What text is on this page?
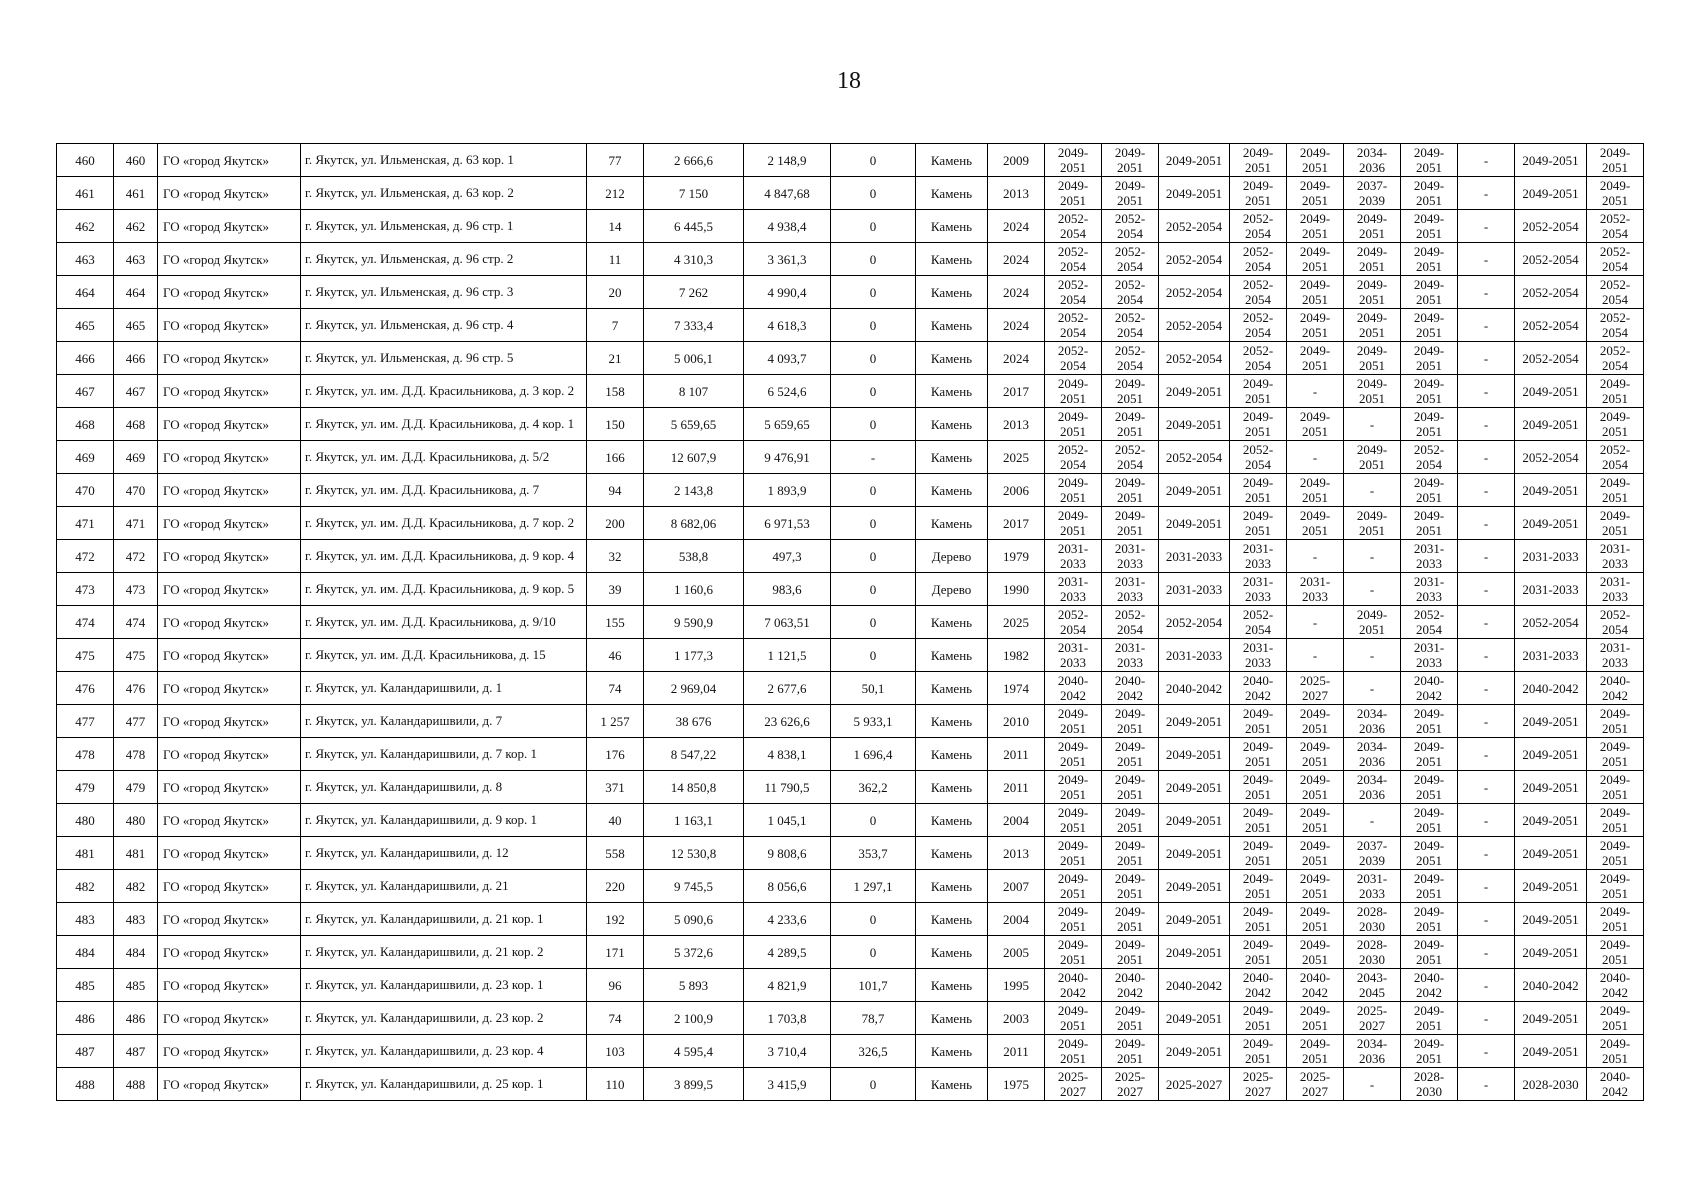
18
460	460	ГО «город Якутск»	г. Якутск, ул. Ильменская, д. 63 кор. 1	77	2 666,6	2 148,9	0	Камень	2009	2049-2051	2049-2051	2049-2051	2049-2051	2049-2051	2034-2036	2049-2051	-	2049-2051	2049-2051
461	461	ГО «город Якутск»	г. Якутск, ул. Ильменская, д. 63 кор. 2	212	7 150	4 847,68	0	Камень	2013	2049-2051	2049-2051	2049-2051	2049-2051	2049-2051	2037-2039	2049-2051	-	2049-2051	2049-2051
462	462	ГО «город Якутск»	г. Якутск, ул. Ильменская, д. 96 стр. 1	14	6 445,5	4 938,4	0	Камень	2024	2052-2054	2052-2054	2052-2054	2052-2054	2049-2051	2049-2051	2049-2051	-	2052-2054	2052-2054
463	463	ГО «город Якутск»	г. Якутск, ул. Ильменская, д. 96 стр. 2	11	4 310,3	3 361,3	0	Камень	2024	2052-2054	2052-2054	2052-2054	2052-2054	2049-2051	2049-2051	2049-2051	-	2052-2054	2052-2054
464	464	ГО «город Якутск»	г. Якутск, ул. Ильменская, д. 96 стр. 3	20	7 262	4 990,4	0	Камень	2024	2052-2054	2052-2054	2052-2054	2052-2054	2049-2051	2049-2051	2049-2051	-	2052-2054	2052-2054
465	465	ГО «город Якутск»	г. Якутск, ул. Ильменская, д. 96 стр. 4	7	7 333,4	4 618,3	0	Камень	2024	2052-2054	2052-2054	2052-2054	2052-2054	2049-2051	2049-2051	2049-2051	-	2052-2054	2052-2054
466	466	ГО «город Якутск»	г. Якутск, ул. Ильменская, д. 96 стр. 5	21	5 006,1	4 093,7	0	Камень	2024	2052-2054	2052-2054	2052-2054	2052-2054	2049-2051	2049-2051	2049-2051	-	2052-2054	2052-2054
467	467	ГО «город Якутск»	г. Якутск, ул. им. Д.Д. Красильникова, д. 3 кор. 2	158	8 107	6 524,6	0	Камень	2017	2049-2051	2049-2051	2049-2051	2049-2051	-	2049-2051	2049-2051	-	2049-2051	2049-2051
468	468	ГО «город Якутск»	г. Якутск, ул. им. Д.Д. Красильникова, д. 4 кор. 1	150	5 659,65	5 659,65	0	Камень	2013	2049-2051	2049-2051	2049-2051	2049-2051	2049-2051	-	2049-2051	-	2049-2051	2049-2051
469	469	ГО «город Якутск»	г. Якутск, ул. им. Д.Д. Красильникова, д. 5/2	166	12 607,9	9 476,91	-	Камень	2025	2052-2054	2052-2054	2052-2054	2052-2054	-	2049-2051	2052-2054	-	2052-2054	2052-2054
470	470	ГО «город Якутск»	г. Якутск, ул. им. Д.Д. Красильникова, д. 7	94	2 143,8	1 893,9	0	Камень	2006	2049-2051	2049-2051	2049-2051	2049-2051	2049-2051	-	2049-2051	-	2049-2051	2049-2051
471	471	ГО «город Якутск»	г. Якутск, ул. им. Д.Д. Красильникова, д. 7 кор. 2	200	8 682,06	6 971,53	0	Камень	2017	2049-2051	2049-2051	2049-2051	2049-2051	2049-2051	2049-2051	2049-2051	-	2049-2051	2049-2051
472	472	ГО «город Якутск»	г. Якутск, ул. им. Д.Д. Красильникова, д. 9 кор. 4	32	538,8	497,3	0	Дерево	1979	2031-2033	2031-2033	2031-2033	2031-2033	-	-	2031-2033	-	2031-2033	2031-2033
473	473	ГО «город Якутск»	г. Якутск, ул. им. Д.Д. Красильникова, д. 9 кор. 5	39	1 160,6	983,6	0	Дерево	1990	2031-2033	2031-2033	2031-2033	2031-2033	2031-2033	-	2031-2033	-	2031-2033	2031-2033
474	474	ГО «город Якутск»	г. Якутск, ул. им. Д.Д. Красильникова, д. 9/10	155	9 590,9	7 063,51	0	Камень	2025	2052-2054	2052-2054	2052-2054	2052-2054	-	2049-2051	2052-2054	-	2052-2054	2052-2054
475	475	ГО «город Якутск»	г. Якутск, ул. им. Д.Д. Красильникова, д. 15	46	1 177,3	1 121,5	0	Камень	1982	2031-2033	2031-2033	2031-2033	2031-2033	-	-	2031-2033	-	2031-2033	2031-2033
476	476	ГО «город Якутск»	г. Якутск, ул. Каландаришвили, д. 1	74	2 969,04	2 677,6	50,1	Камень	1974	2040-2042	2040-2042	2040-2042	2040-2042	2025-2027	-	2040-2042	-	2040-2042	2040-2042
477	477	ГО «город Якутск»	г. Якутск, ул. Каландаришвили, д. 7	1 257	38 676	23 626,6	5 933,1	Камень	2010	2049-2051	2049-2051	2049-2051	2049-2051	2049-2051	2034-2036	2049-2051	-	2049-2051	2049-2051
478	478	ГО «город Якутск»	г. Якутск, ул. Каландаришвили, д. 7 кор. 1	176	8 547,22	4 838,1	1 696,4	Камень	2011	2049-2051	2049-2051	2049-2051	2049-2051	2049-2051	2034-2036	2049-2051	-	2049-2051	2049-2051
479	479	ГО «город Якутск»	г. Якутск, ул. Каландаришвили, д. 8	371	14 850,8	11 790,5	362,2	Камень	2011	2049-2051	2049-2051	2049-2051	2049-2051	2049-2051	2034-2036	2049-2051	-	2049-2051	2049-2051
480	480	ГО «город Якутск»	г. Якутск, ул. Каландаришвили, д. 9 кор. 1	40	1 163,1	1 045,1	0	Камень	2004	2049-2051	2049-2051	2049-2051	2049-2051	2049-2051	-	2049-2051	-	2049-2051	2049-2051
481	481	ГО «город Якутск»	г. Якутск, ул. Каландаришвили, д. 12	558	12 530,8	9 808,6	353,7	Камень	2013	2049-2051	2049-2051	2049-2051	2049-2051	2049-2051	2037-2039	2049-2051	-	2049-2051	2049-2051
482	482	ГО «город Якутск»	г. Якутск, ул. Каландаришвили, д. 21	220	9 745,5	8 056,6	1 297,1	Камень	2007	2049-2051	2049-2051	2049-2051	2049-2051	2049-2051	2031-2033	2049-2051	-	2049-2051	2049-2051
483	483	ГО «город Якутск»	г. Якутск, ул. Каландаришвили, д. 21 кор. 1	192	5 090,6	4 233,6	0	Камень	2004	2049-2051	2049-2051	2049-2051	2049-2051	2049-2051	2028-2030	2049-2051	-	2049-2051	2049-2051
484	484	ГО «город Якутск»	г. Якутск, ул. Каландаришвили, д. 21 кор. 2	171	5 372,6	4 289,5	0	Камень	2005	2049-2051	2049-2051	2049-2051	2049-2051	2049-2051	2028-2030	2049-2051	-	2049-2051	2049-2051
485	485	ГО «город Якутск»	г. Якутск, ул. Каландаришвили, д. 23 кор. 1	96	5 893	4 821,9	101,7	Камень	1995	2040-2042	2040-2042	2040-2042	2040-2042	2040-2042	2043-2045	2040-2042	-	2040-2042	2040-2042
486	486	ГО «город Якутск»	г. Якутск, ул. Каландаришвили, д. 23 кор. 2	74	2 100,9	1 703,8	78,7	Камень	2003	2049-2051	2049-2051	2049-2051	2049-2051	2049-2051	2025-2027	2049-2051	-	2049-2051	2049-2051
487	487	ГО «город Якутск»	г. Якутск, ул. Каландаришвили, д. 23 кор. 4	103	4 595,4	3 710,4	326,5	Камень	2011	2049-2051	2049-2051	2049-2051	2049-2051	2049-2051	2034-2036	2049-2051	-	2049-2051	2049-2051
488	488	ГО «город Якутск»	г. Якутск, ул. Каландаришвили, д. 25 кор. 1	110	3 899,5	3 415,9	0	Камень	1975	2025-2027	2025-2027	2025-2027	2025-2027	2025-2027	-	2028-2030	-	2028-2030	2040-2042
